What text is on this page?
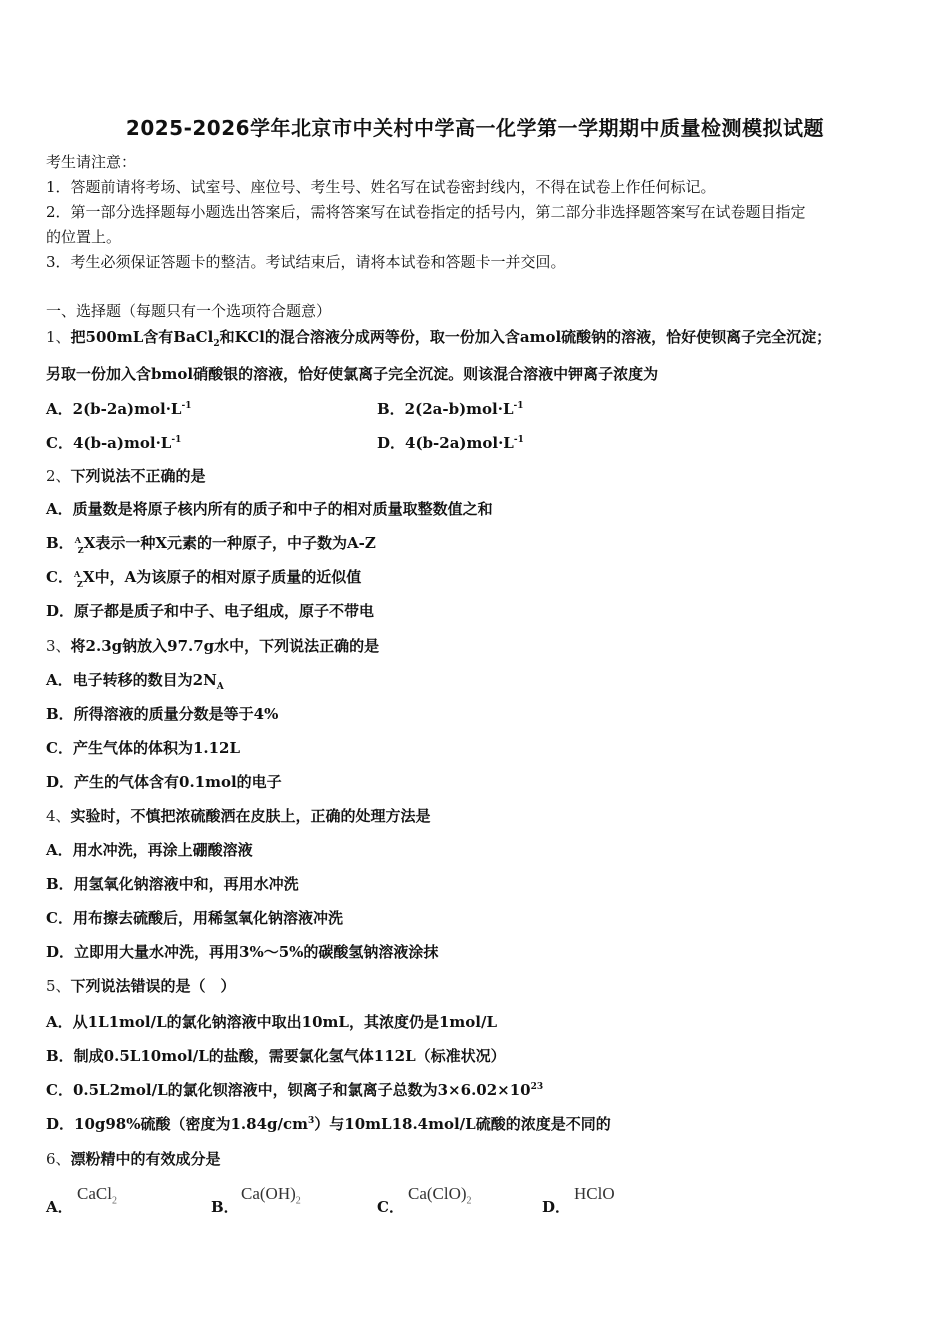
2025-2026学年北京市中关村中学高一化学第一学期期中质量检测模拟试题
考生请注意：
1．答题前请将考场、试室号、座位号、考生号、姓名写在试卷密封线内，不得在试卷上作任何标记。
2．第一部分选择题每小题选出答案后，需将答案写在试卷指定的括号内，第二部分非选择题答案写在试卷题目指定
的位置上。
3．考生必须保证答题卡的整洁。考试结束后，请将本试卷和答题卡一并交回。
一、选择题（每题只有一个选项符合题意）
1、把500mL含有BaCl$_2$和KCl的混合溶液分成两等份，取一份加入含amol硫酸钠的溶液，恰好使钡离子完全沉淀；
另取一份加入含bmol硝酸银的溶液，恰好使氯离子完全沉淀。则该混合溶液中钾离子浓度为
A．$2(b-2a)mol\cdot L^{-1}$	B．$2(2a-b)mol\cdot L^{-1}$
C．$4(b-a)mol\cdot L^{-1}$	D．$4(b-2a)mol\cdot L^{-1}$
2、下列说法不正确的是
A．质量数是将原子核内所有的质子和中子的相对质量取整数值之和
B． A
Z X表示一种X元素的一种原子，中子数为A-Z
C． A
Z X中，A为该原子的相对原子质量的近似值
D．原子都是质子和中子、电子组成，原子不带电
3、将2.3g钠放入97.7g水中，下列说法正确的是
A．电子转移的数目为$2N_A$
B．所得溶液的质量分数是等于4%
C．产生气体的体积为1.12L
D．产生的气体含有0.1mol的电子
4、实验时，不慎把浓硫酸洒在皮肤上，正确的处理方法是
A．用水冲洗，再涂上硼酸溶液
B．用氢氧化钠溶液中和，再用水冲洗
C．用布擦去硫酸后，用稀氢氧化钠溶液冲洗
D．立即用大量水冲洗，再用3%～5%的碳酸氢钠溶液涂抹
5、下列说法错误的是（　）
A．从1L1mol/L的氯化钠溶液中取出10mL，其浓度仍是1mol/L
B．制成0.5L10mol/L的盐酸，需要氯化氢气体112L（标准状况）
C．0.5L2mol/L的氯化钡溶液中，钡离子和氯离子总数为$3\times 6.02\times 10^{23}$
D．10g98%硫酸（密度为$1.84g/cm^3$）与10mL18.4mol/L硫酸的浓度是不同的
6、漂粉精中的有效成分是
A．
CaCl$_2$	B．
$Ca(OH)_2$	C．
$Ca(ClO)_2$	D．
HClO
